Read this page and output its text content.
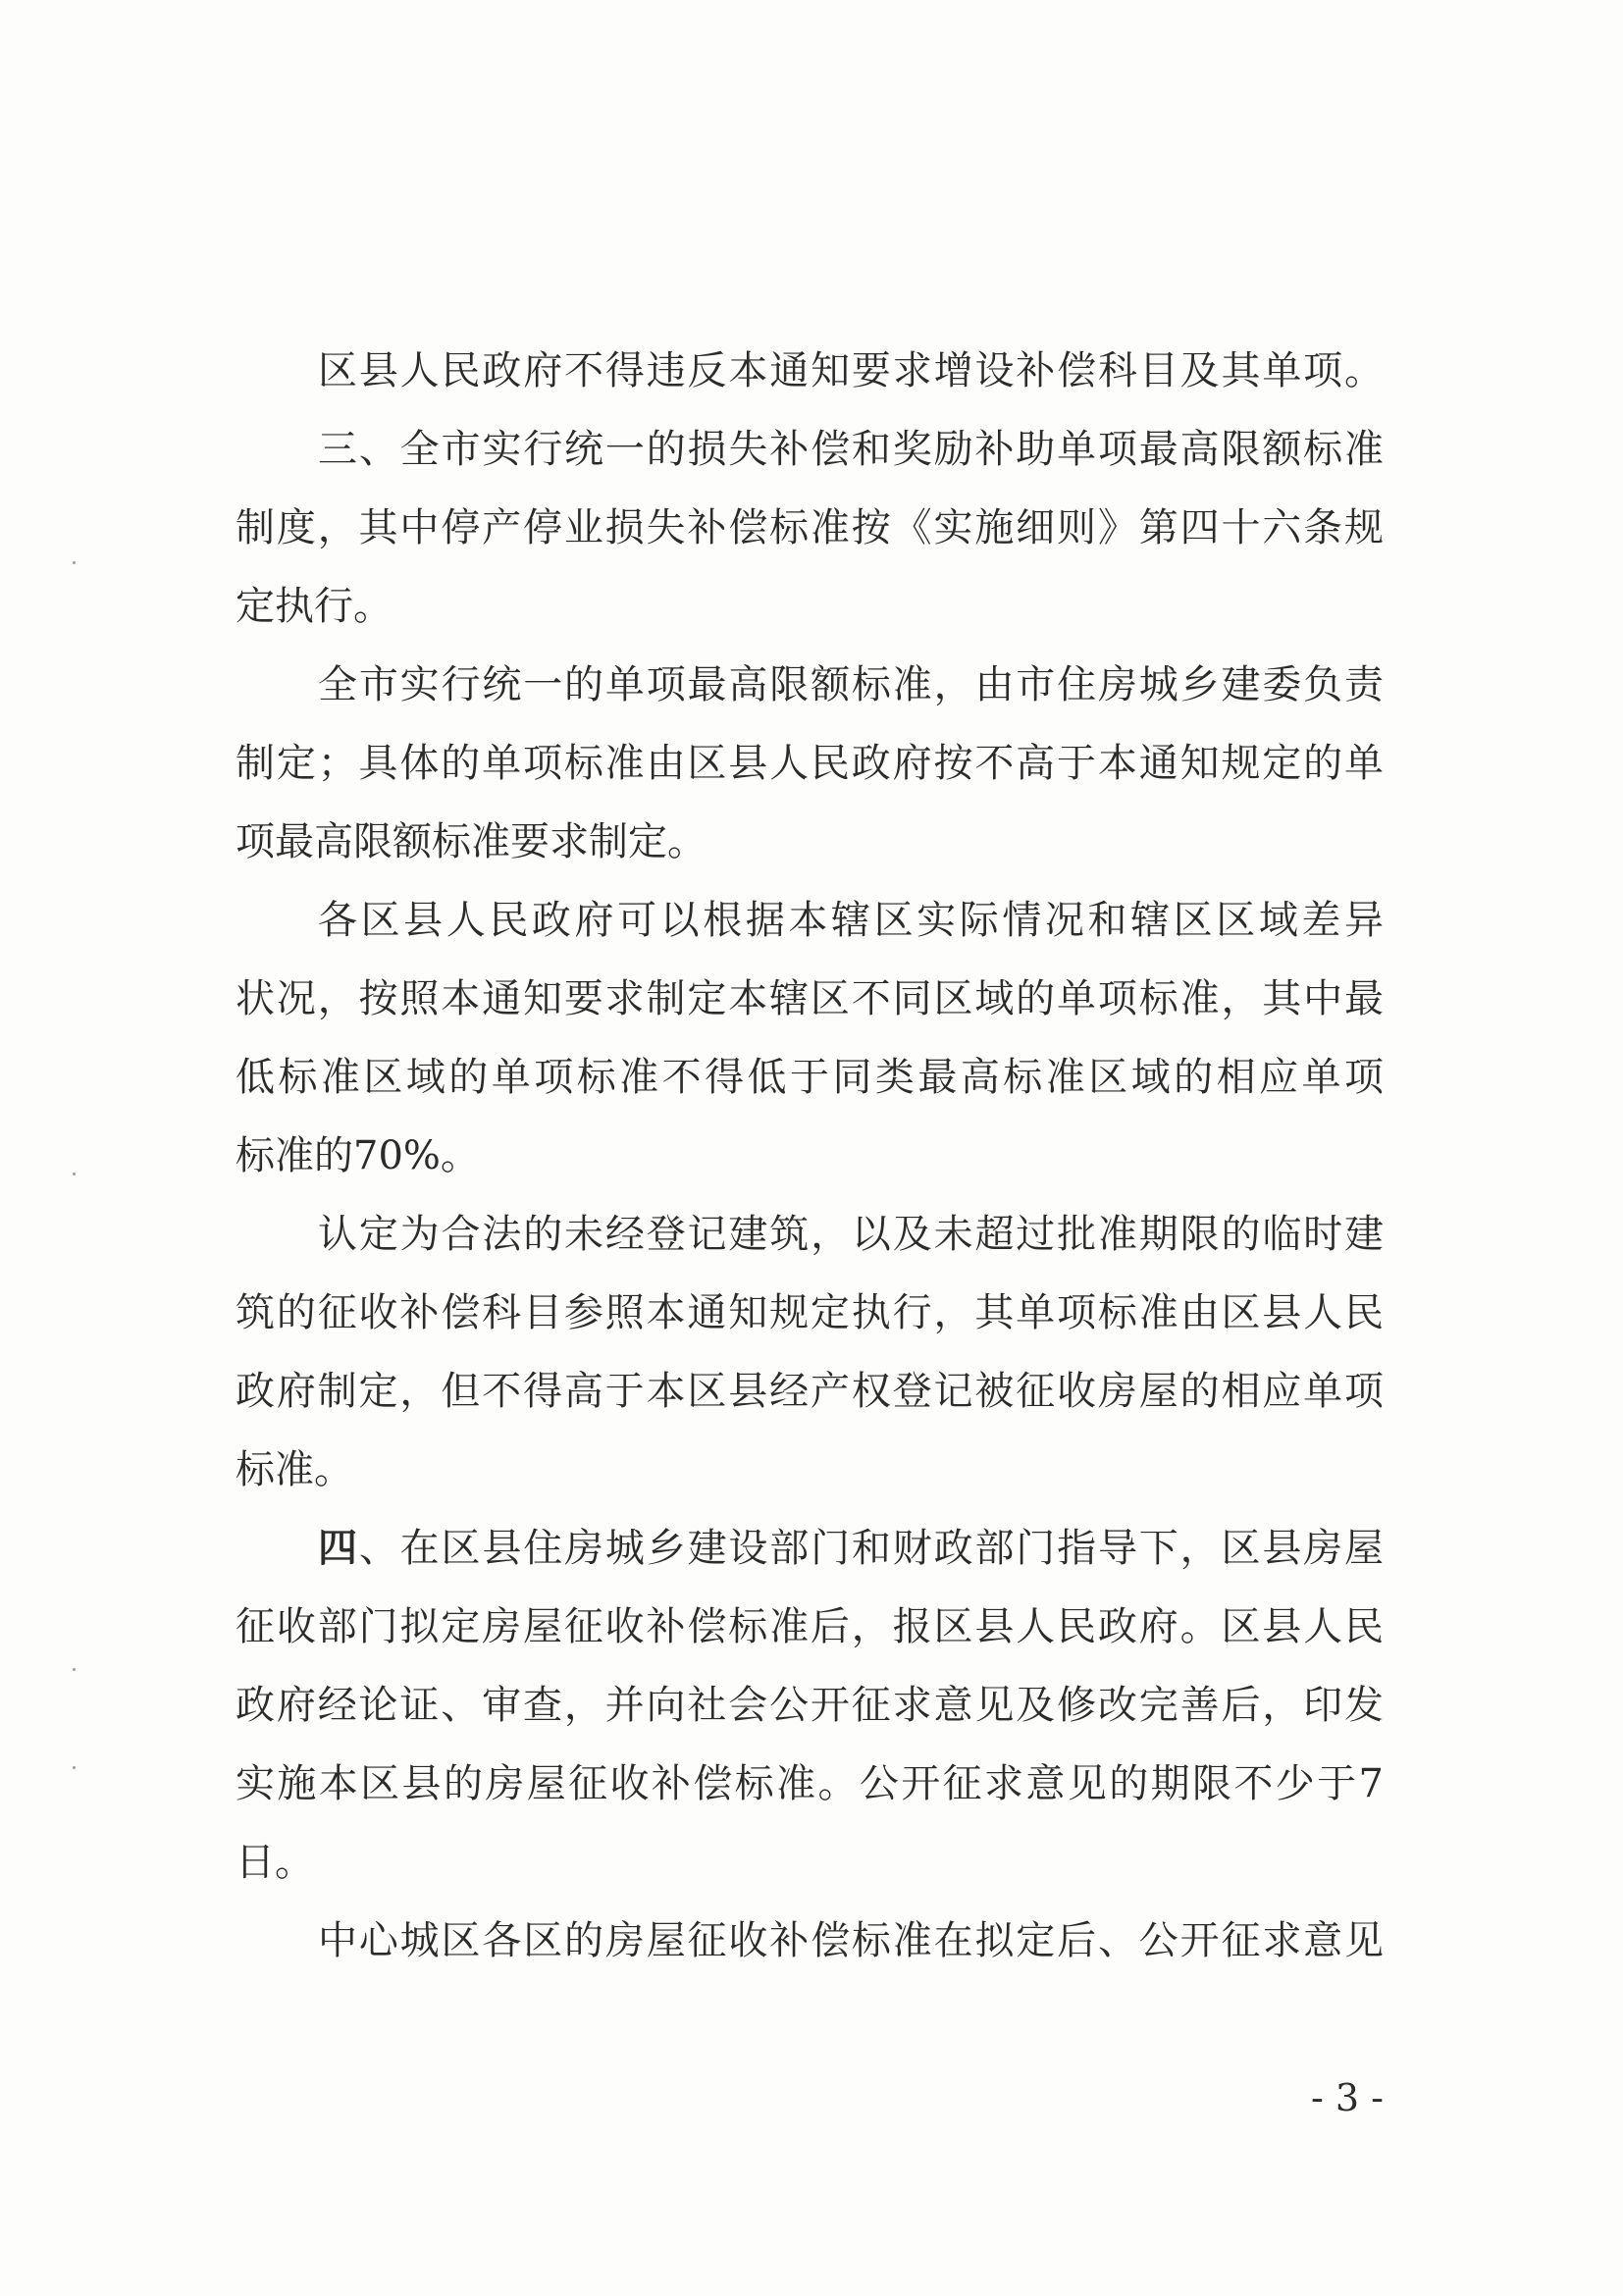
区县人民政府不得违反本通知要求增设补偿科目及其单项。
三、全市实行统一的损失补偿和奖励补助单项最高限额标准
制度，其中停产停业损失补偿标准按《实施细则》第四十六条规
定执行。
全市实行统一的单项最高限额标准，由市住房城乡建委负责
制定；具体的单项标准由区县人民政府按不高于本通知规定的单
项最高限额标准要求制定。
各区县人民政府可以根据本辖区实际情况和辖区区域差异
状况，按照本通知要求制定本辖区不同区域的单项标准，其中最
低标准区域的单项标准不得低于同类最高标准区域的相应单项
标准的70%。
认定为合法的未经登记建筑，以及未超过批准期限的临时建
筑的征收补偿科目参照本通知规定执行，其单项标准由区县人民
政府制定，但不得高于本区县经产权登记被征收房屋的相应单项
标准。
四、在区县住房城乡建设部门和财政部门指导下，区县房屋
征收部门拟定房屋征收补偿标准后，报区县人民政府。区县人民
政府经论证、审查，并向社会公开征求意见及修改完善后，印发
实施本区县的房屋征收补偿标准。公开征求意见的期限不少于7
日。
中心城区各区的房屋征收补偿标准在拟定后、公开征求意见
- 3 -
